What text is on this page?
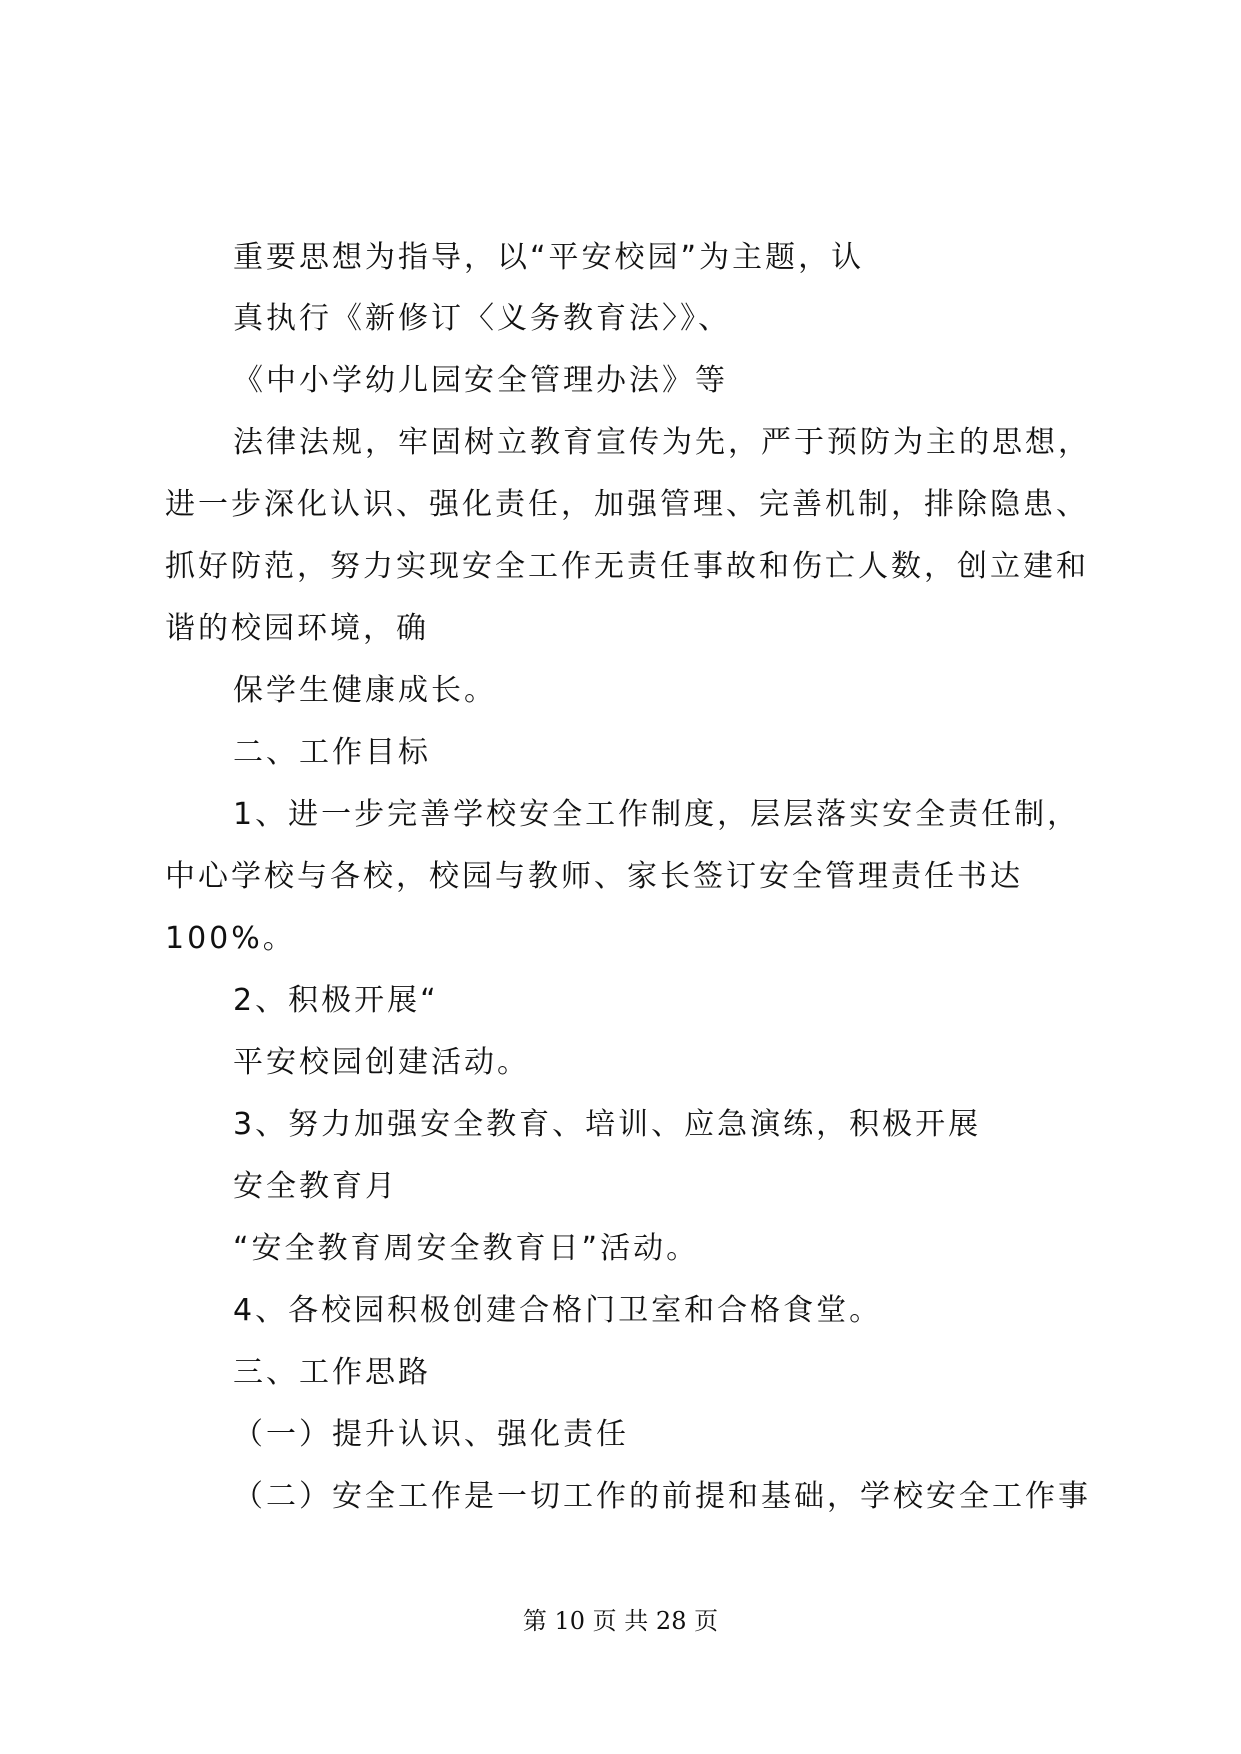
重要思想为指导，以“平安校园”为主题，认
真执行《新修订〈义务教育法〉》、
《中小学幼儿园安全管理办法》等
法律法规，牢固树立教育宣传为先，严于预防为主的思想，
进一步深化认识、强化责任，加强管理、完善机制，排除隐患、
抓好防范，努力实现安全工作无责任事故和伤亡人数，创立建和
谐的校园环境，确
保学生健康成长。
二、工作目标
1、进一步完善学校安全工作制度，层层落实安全责任制，
中心学校与各校，校园与教师、家长签订安全管理责任书达
100%。
2、积极开展“
平安校园创建活动。
3、努力加强安全教育、培训、应急演练，积极开展
安全教育月
“安全教育周安全教育日”活动。
4、各校园积极创建合格门卫室和合格食堂。
三、工作思路
（一）提升认识、强化责任
（二）安全工作是一切工作的前提和基础，学校安全工作事
第 10 页 共 28 页
